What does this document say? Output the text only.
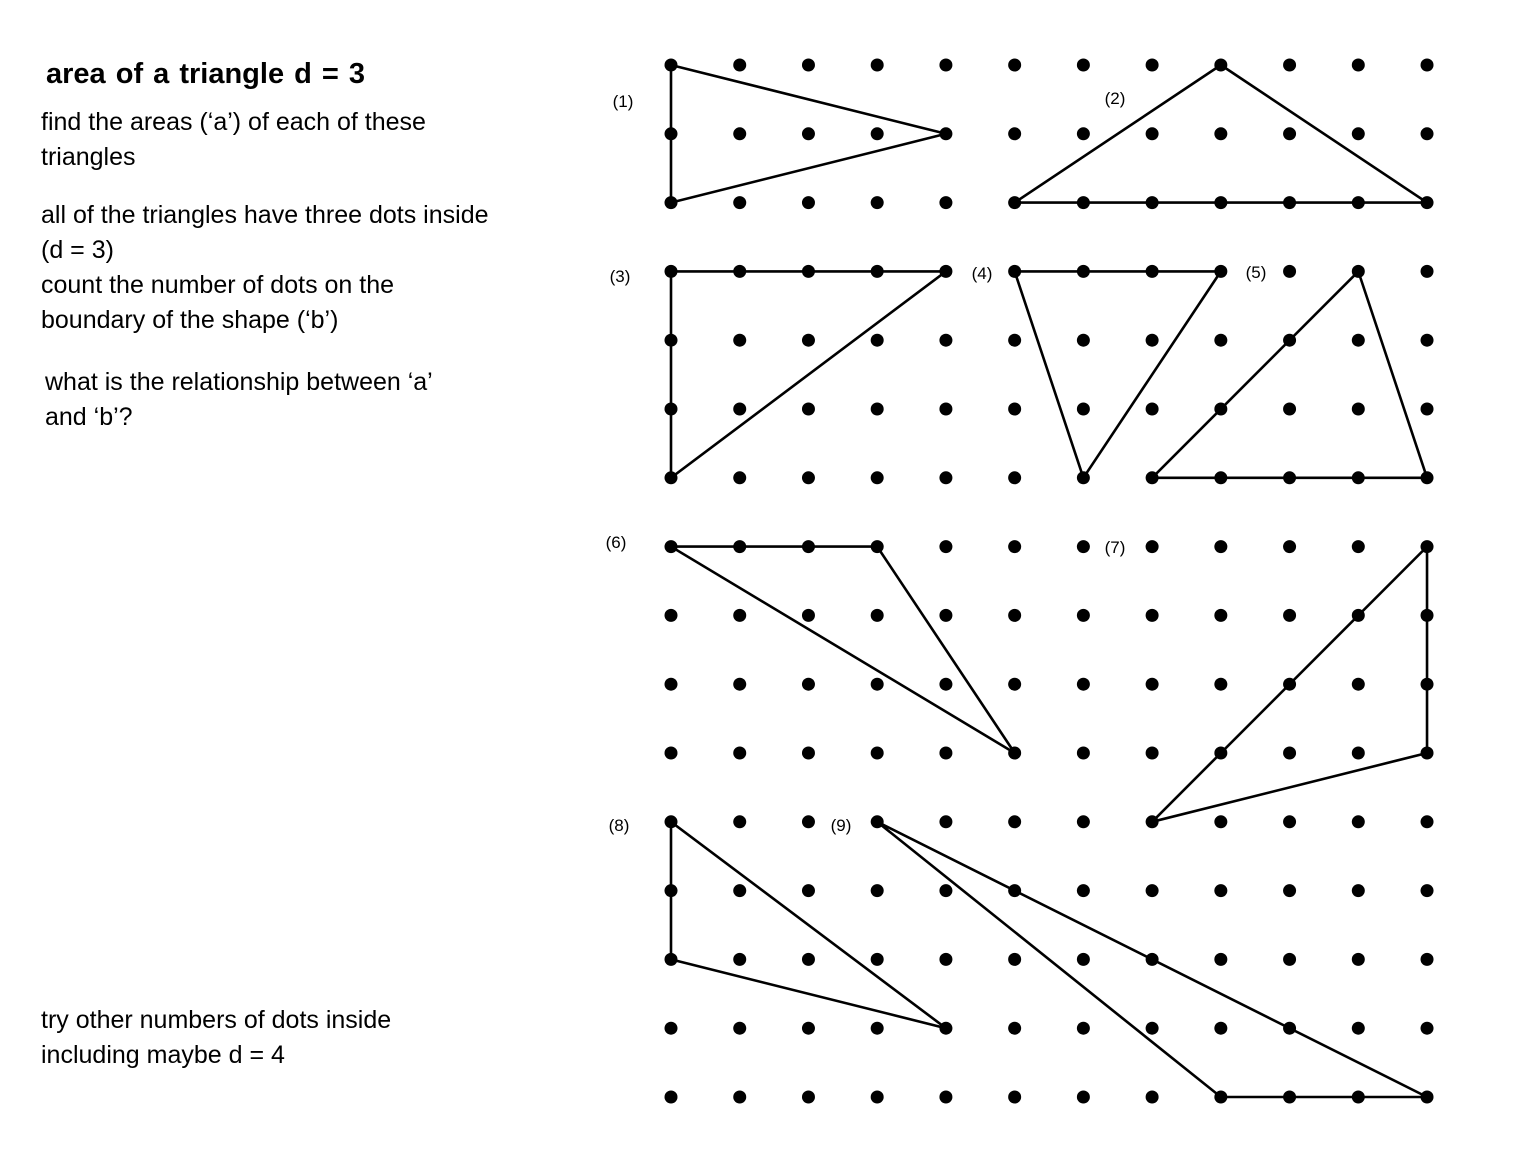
area of a triangle d = 3
find the areas (‘a’) of each of these
triangles
all of the triangles have three dots inside
(d = 3)
count the number of dots on the
boundary of the shape (‘b’)
what is the relationship between ‘a’
and ‘b’?
try other numbers of dots inside
including maybe d = 4
(1)	(2)
(3)	(4)	(5)
(6)	(7)
(8)	(9)
